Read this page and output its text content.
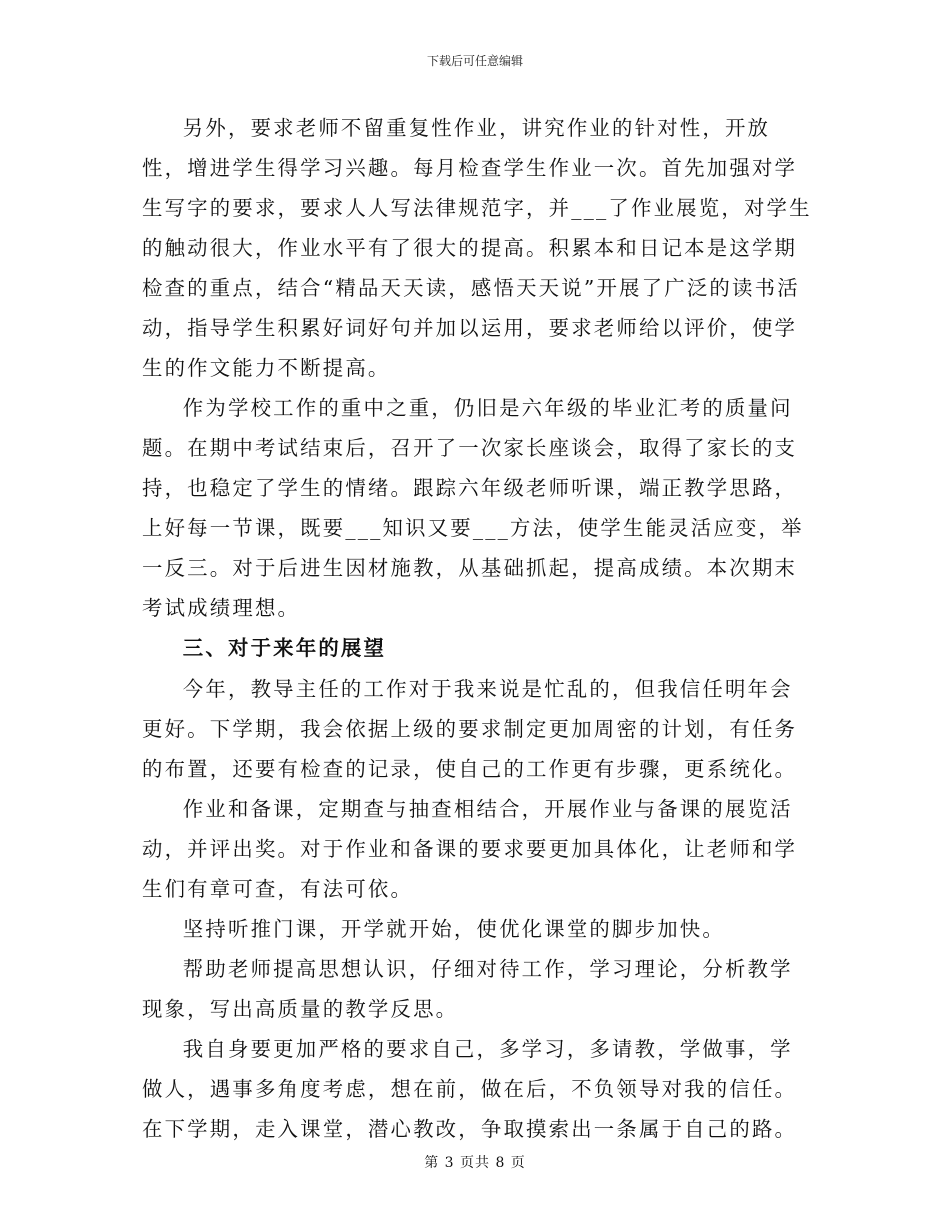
下载后可任意编辑

另外，要求老师不留重复性作业，讲究作业的针对性，开放性，增进学生得学习兴趣。每月检查学生作业一次。首先加强对学生写字的要求，要求人人写法律规范字，并___了作业展览，对学生的触动很大，作业水平有了很大的提高。积累本和日记本是这学期检查的重点，结合“精品天天读，感悟天天说”开展了广泛的读书活动，指导学生积累好词好句并加以运用，要求老师给以评价，使学生的作文能力不断提高。

作为学校工作的重中之重，仍旧是六年级的毕业汇考的质量问题。在期中考试结束后，召开了一次家长座谈会，取得了家长的支持，也稳定了学生的情绪。跟踪六年级老师听课，端正教学思路，上好每一节课，既要___知识又要___方法，使学生能灵活应变，举一反三。对于后进生因材施教，从基础抓起，提高成绩。本次期末考试成绩理想。

三、对于来年的展望

今年，教导主任的工作对于我来说是忙乱的，但我信任明年会更好。下学期，我会依据上级的要求制定更加周密的计划，有任务的布置，还要有检查的记录，使自己的工作更有步骤，更系统化。

作业和备课，定期查与抽查相结合，开展作业与备课的展览活动，并评出奖。对于作业和备课的要求要更加具体化，让老师和学生们有章可查，有法可依。

坚持听推门课，开学就开始，使优化课堂的脚步加快。

帮助老师提高思想认识，仔细对待工作，学习理论，分析教学现象，写出高质量的教学反思。

我自身要更加严格的要求自己，多学习，多请教，学做事，学做人，遇事多角度考虑，想在前，做在后，不负领导对我的信任。在下学期，走入课堂，潜心教改，争取摸索出一条属于自己的路。

第 3 页共 8 页
